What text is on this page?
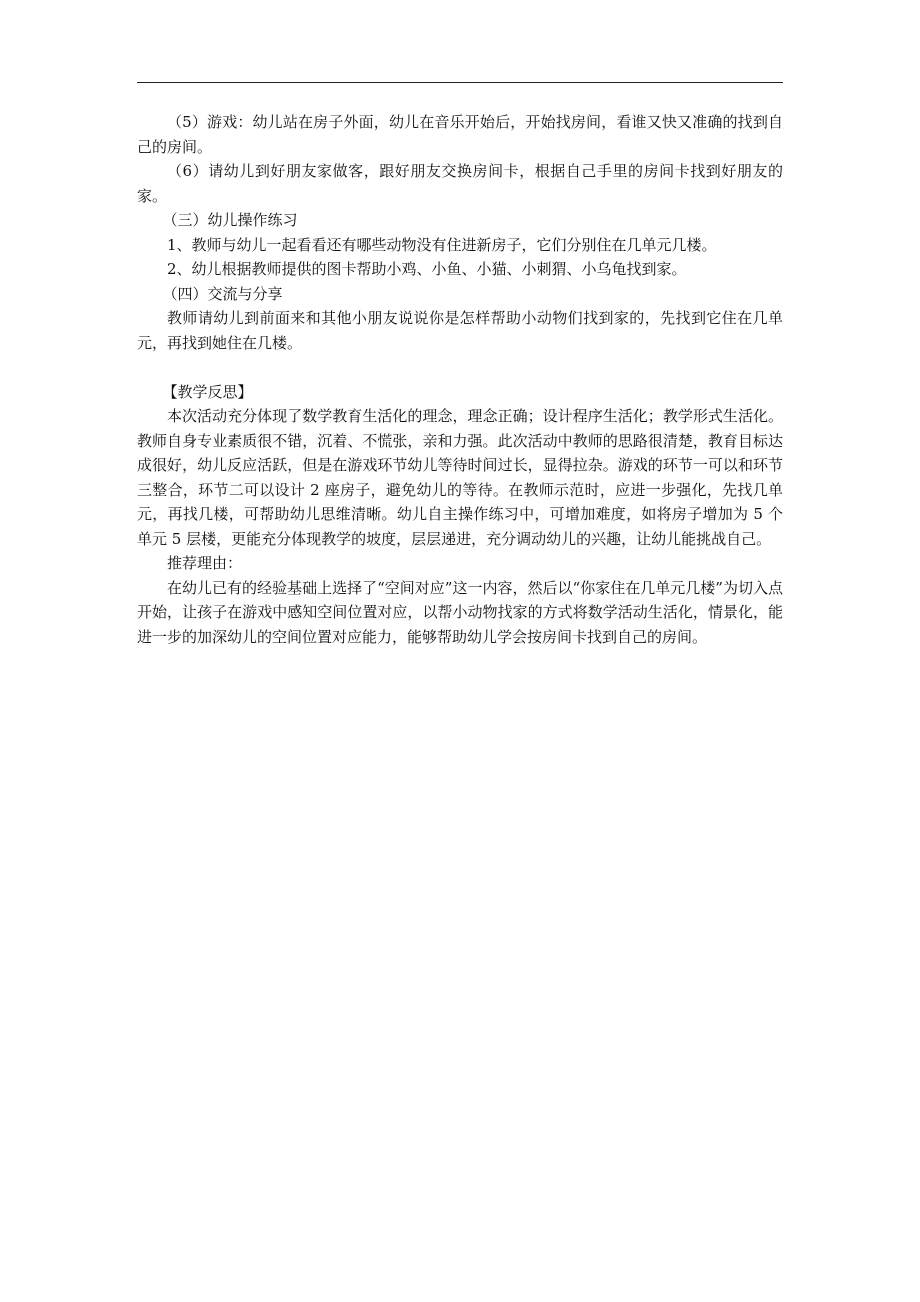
（5）游戏：幼儿站在房子外面，幼儿在音乐开始后，开始找房间，看谁又快又准确的找到自己的房间。

（6）请幼儿到好朋友家做客，跟好朋友交换房间卡，根据自己手里的房间卡找到好朋友的家。

（三）幼儿操作练习

1、教师与幼儿一起看看还有哪些动物没有住进新房子，它们分别住在几单元几楼。

2、幼儿根据教师提供的图卡帮助小鸡、小鱼、小猫、小刺猬、小乌龟找到家。

（四）交流与分享

教师请幼儿到前面来和其他小朋友说说你是怎样帮助小动物们找到家的，先找到它住在几单元，再找到她住在几楼。

【教学反思】

本次活动充分体现了数学教育生活化的理念，理念正确；设计程序生活化；教学形式生活化。教师自身专业素质很不错，沉着、不慌张，亲和力强。此次活动中教师的思路很清楚，教育目标达成很好，幼儿反应活跃，但是在游戏环节幼儿等待时间过长，显得拉杂。游戏的环节一可以和环节三整合，环节二可以设计 2 座房子，避免幼儿的等待。在教师示范时，应进一步强化，先找几单元，再找几楼，可帮助幼儿思维清晰。幼儿自主操作练习中，可增加难度，如将房子增加为 5 个单元 5 层楼，更能充分体现教学的坡度，层层递进，充分调动幼儿的兴趣，让幼儿能挑战自己。

推荐理由：

在幼儿已有的经验基础上选择了“空间对应”这一内容，然后以“你家住在几单元几楼”为切入点开始，让孩子在游戏中感知空间位置对应，以帮小动物找家的方式将数学活动生活化，情景化，能进一步的加深幼儿的空间位置对应能力，能够帮助幼儿学会按房间卡找到自己的房间。
